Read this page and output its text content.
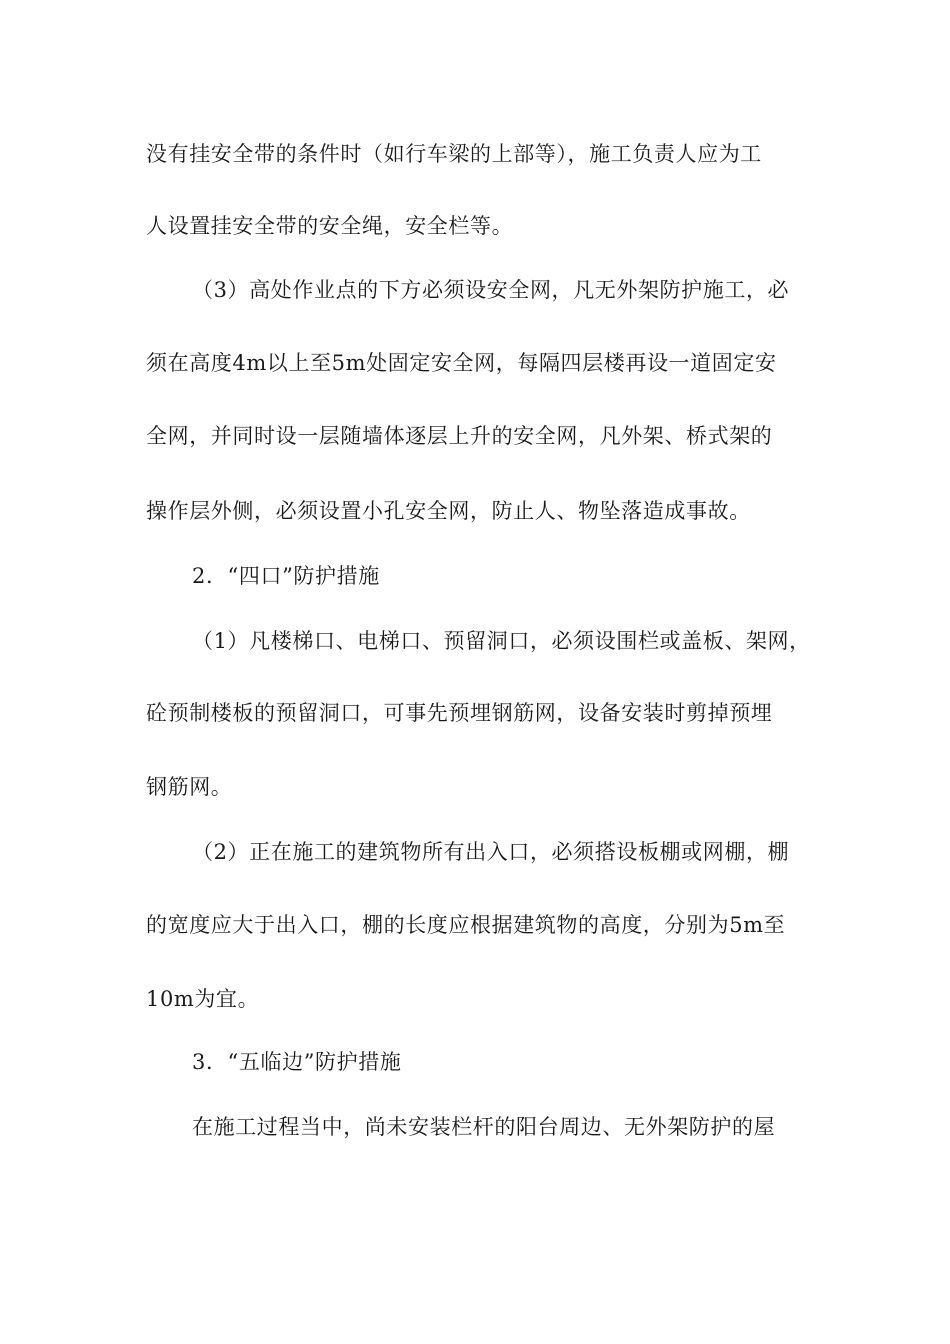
没有挂安全带的条件时（如行车梁的上部等），施工负责人应为工
人设置挂安全带的安全绳，安全栏等。
（3）高处作业点的下方必须设安全网，凡无外架防护施工，必
须在高度4m以上至5m处固定安全网，每隔四层楼再设一道固定安
全网，并同时设一层随墙体逐层上升的安全网，凡外架、桥式架的
操作层外侧，必须设置小孔安全网，防止人、物坠落造成事故。
2．“四口”防护措施
（1）凡楼梯口、电梯口、预留洞口，必须设围栏或盖板、架网，
砼预制楼板的预留洞口，可事先预埋钢筋网，设备安装时剪掉预埋
钢筋网。
（2）正在施工的建筑物所有出入口，必须搭设板棚或网棚，棚
的宽度应大于出入口，棚的长度应根据建筑物的高度，分别为5m至
10m为宜。
3．“五临边”防护措施
在施工过程当中，尚未安装栏杆的阳台周边、无外架防护的屋
